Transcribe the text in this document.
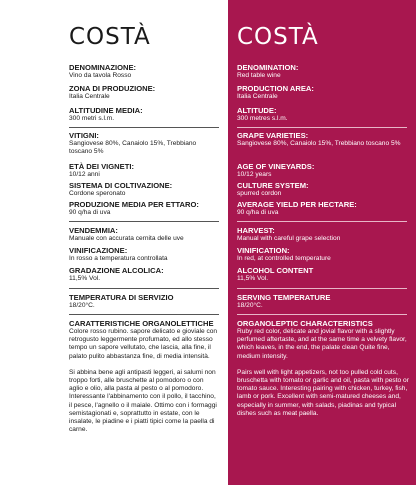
COSTÀ
DENOMINAZIONE:
Vino da tavola Rosso
ZONA DI PRODUZIONE:
Italia Centrale
ALTITUDINE MEDIA:
300 metri s.l.m.
VITIGNI:
Sangiovese 80%, Canaiolo 15%, Trebbiano toscano 5%
ETÀ DEI VIGNETI:
10/12 anni
SISTEMA DI COLTIVAZIONE:
Cordone speronato
PRODUZIONE MEDIA PER ETTARO:
90 q/ha di uva
VENDEMMIA:
Manuale con accurata cernita delle uve
VINIFICAZIONE:
In rosso a temperatura controllata
GRADAZIONE ALCOLICA:
11,5% Vol.
TEMPERATURA DI SERVIZIO
18/20°C.
CARATTERISTICHE ORGANOLETTICHE
Colore rosso rubino. sapore delicato e gioviale con retrogusto leggermente profumato, ed allo stesso tempo un sapore vellutato, che lascia, alla fine, il palato pulito abbastanza fine, di media intensità.
Si abbina bene agli antipasti leggeri, ai salumi non troppo forti, alle bruschette al pomodoro o con aglio e olio, alla pasta al pesto o al pomodoro. Interessante l'abbinamento con il pollo, il tacchino, il pesce, l'agnello o il maiale. Ottimo con i formaggi semistagionati e, soprattutto in estate, con le insalate, le piadine e i piatti tipici come la paella di carne.
COSTÀ
DENOMINATION:
Red table wine
PRODUCTION AREA:
Italia Centrale
ALTITUDE:
300 metres s.l.m.
GRAPE VARIETIES:
Sangiovese 80%, Canaiolo 15%, Trebbiano toscano 5%
AGE OF VINEYARDS:
10/12 years
CULTURE SYSTEM:
spurred cordon
AVERAGE YIELD PER HECTARE:
90 q/ha di uva
HARVEST:
Manual with careful grape selection
VINIFICATION:
In red, at controlled temperature
ALCOHOL CONTENT
11,5% Vol.
SERVING TEMPERATURE
18/20°C.
ORGANOLEPTIC CHARACTERISTICS
Ruby red color, delicate and jovial flavor with a slightly perfumed aftertaste, and at the same time a velvety flavor, which leaves, in the end, the palate clean Quite fine, medium intensity.
Pairs well with light appetizers, not too pulled cold cuts, bruschetta with tomato or garlic and oil, pasta with pesto or tomato sauce. Interesting pairing with chicken, turkey, fish, lamb or pork. Excellent with semi-matured cheeses and, especially in summer, with salads, piadinas and typical dishes such as meat paella.
